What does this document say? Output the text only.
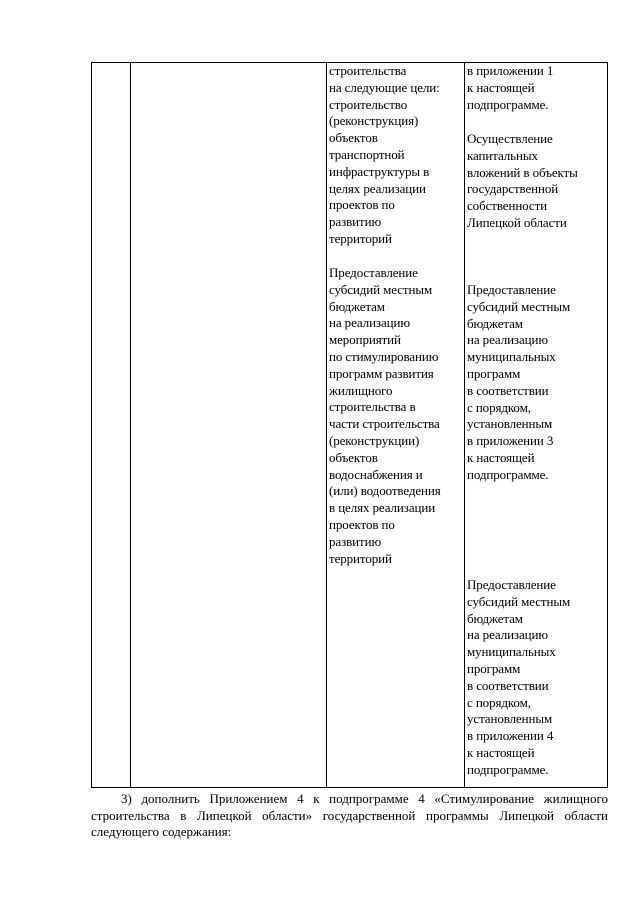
строительства
на следующие цели:
строительство
(реконструкция)
объектов
транспортной
инфраструктуры в
целях реализации
проектов по
развитию
территорий
Предоставление
субсидий местным
бюджетам
на реализацию
мероприятий
по стимулированию
программ развития
жилищного
строительства в
части строительства
(реконструкции)
объектов
водоснабжения и
(или) водоотведения
в целях реализации
проектов по
развитию
территорий
в приложении 1
к настоящей
подпрограмме.
Осуществление
капитальных
вложений в объекты
государственной
собственности
Липецкой области
Предоставление
субсидий местным
бюджетам
на реализацию
муниципальных
программ
в соответствии
с порядком,
установленным
в приложении 3
к настоящей
подпрограмме.
Предоставление
субсидий местным
бюджетам
на реализацию
муниципальных
программ
в соответствии
с порядком,
установленным
в приложении 4
к настоящей
подпрограмме.
3) дополнить Приложением 4 к подпрограмме 4 «Стимулирование жилищного строительства в Липецкой области» государственной программы Липецкой области следующего содержания:
